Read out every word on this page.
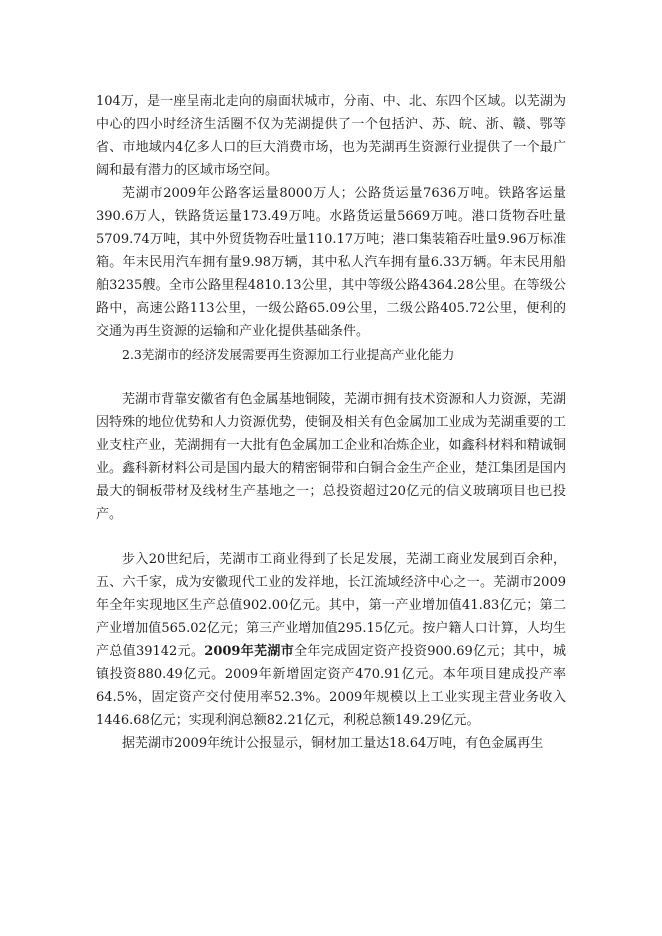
104万，是一座呈南北走向的扇面状城市，分南、中、北、东四个区域。以芜湖为中心的四小时经济生活圈不仅为芜湖提供了一个包括沪、苏、皖、浙、赣、鄂等省、市地域内4亿多人口的巨大消费市场，也为芜湖再生资源行业提供了一个最广阔和最有潜力的区域市场空间。

芜湖市2009年公路客运量8000万人；公路货运量7636万吨。铁路客运量390.6万人，铁路货运量173.49万吨。水路货运量5669万吨。港口货物吞吐量5709.74万吨，其中外贸货物吞吐量110.17万吨；港口集装箱吞吐量9.96万标准箱。年末民用汽车拥有量9.98万辆，其中私人汽车拥有量6.33万辆。年末民用船舶3235艘。全市公路里程4810.13公里，其中等级公路4364.28公里。在等级公路中，高速公路113公里，一级公路65.09公里，二级公路405.72公里，便利的交通为再生资源的运输和产业化提供基础条件。

2.3芜湖市的经济发展需要再生资源加工行业提高产业化能力

芜湖市背靠安徽省有色金属基地铜陵，芜湖市拥有技术资源和人力资源，芜湖因特殊的地位优势和人力资源优势，使铜及相关有色金属加工业成为芜湖重要的工业支柱产业，芜湖拥有一大批有色金属加工企业和冶炼企业，如鑫科材料和精诚铜业。鑫科新材料公司是国内最大的精密铜带和白铜合金生产企业，楚江集团是国内最大的铜板带材及线材生产基地之一；总投资超过20亿元的信义玻璃项目也已投产。

步入20世纪后，芜湖市工商业得到了长足发展，芜湖工商业发展到百余种，五、六千家，成为安徽现代工业的发祥地，长江流域经济中心之一。芜湖市2009年全年实现地区生产总值902.00亿元。其中，第一产业增加值41.83亿元；第二产业增加值565.02亿元；第三产业增加值295.15亿元。按户籍人口计算，人均生产总值39142元。2009年芜湖市全年完成固定资产投资900.69亿元；其中，城镇投资880.49亿元。2009年新增固定资产470.91亿元。本年项目建成投产率64.5%，固定资产交付使用率52.3%。2009年规模以上工业实现主营业务收入1446.68亿元；实现利润总额82.21亿元，利税总额149.29亿元。

据芜湖市2009年统计公报显示，铜材加工量达18.64万吨，有色金属再生
